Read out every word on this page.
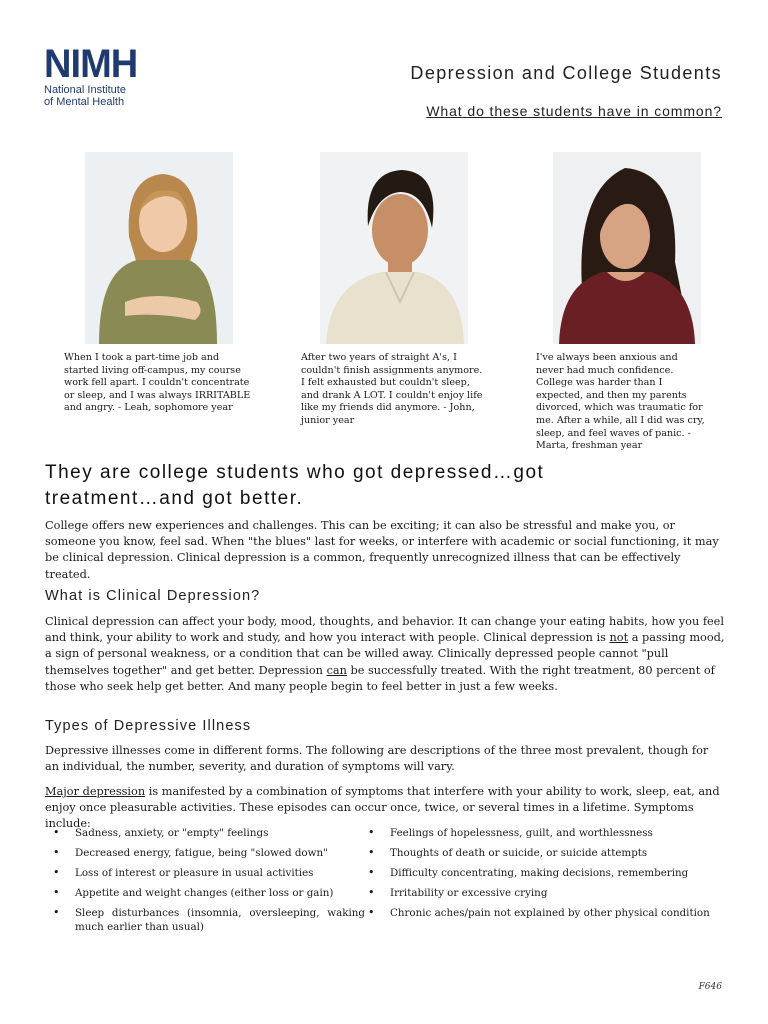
NIMH
National Institute
of Mental Health
Depression and College Students
What do these students have in common?
When I took a part-time job and started living off-campus, my course work fell apart. I couldn't concentrate or sleep, and I was always IRRITABLE and angry. - Leah, sophomore year
After two years of straight A's, I couldn't finish assignments anymore. I felt exhausted but couldn't sleep, and drank A LOT. I couldn't enjoy life like my friends did anymore. - John, junior year
I've always been anxious and never had much confidence. College was harder than I expected, and then my parents divorced, which was traumatic for me. After a while, all I did was cry, sleep, and feel waves of panic. - Marta, freshman year
They are college students who got depressed…got treatment…and got better.
College offers new experiences and challenges. This can be exciting; it can also be stressful and make you, or someone you know, feel sad. When "the blues" last for weeks, or interfere with academic or social functioning, it may be clinical depression. Clinical depression is a common, frequently unrecognized illness that can be effectively treated.
What is Clinical Depression?
Clinical depression can affect your body, mood, thoughts, and behavior. It can change your eating habits, how you feel and think, your ability to work and study, and how you interact with people. Clinical depression is not a passing mood, a sign of personal weakness, or a condition that can be willed away. Clinically depressed people cannot "pull themselves together" and get better. Depression can be successfully treated. With the right treatment, 80 percent of those who seek help get better. And many people begin to feel better in just a few weeks.
Types of Depressive Illness
Depressive illnesses come in different forms. The following are descriptions of the three most prevalent, though for an individual, the number, severity, and duration of symptoms will vary.
Major depression is manifested by a combination of symptoms that interfere with your ability to work, sleep, eat, and enjoy once pleasurable activities. These episodes can occur once, twice, or several times in a lifetime. Symptoms include:
• Sadness, anxiety, or "empty" feelings
• Decreased energy, fatigue, being "slowed down"
• Loss of interest or pleasure in usual activities
• Appetite and weight changes (either loss or gain)
• Sleep disturbances (insomnia, oversleeping, waking much earlier than usual)
• Feelings of hopelessness, guilt, and worthlessness
• Thoughts of death or suicide, or suicide attempts
• Difficulty concentrating, making decisions, remembering
• Irritability or excessive crying
• Chronic aches/pain not explained by other physical condition
F646
